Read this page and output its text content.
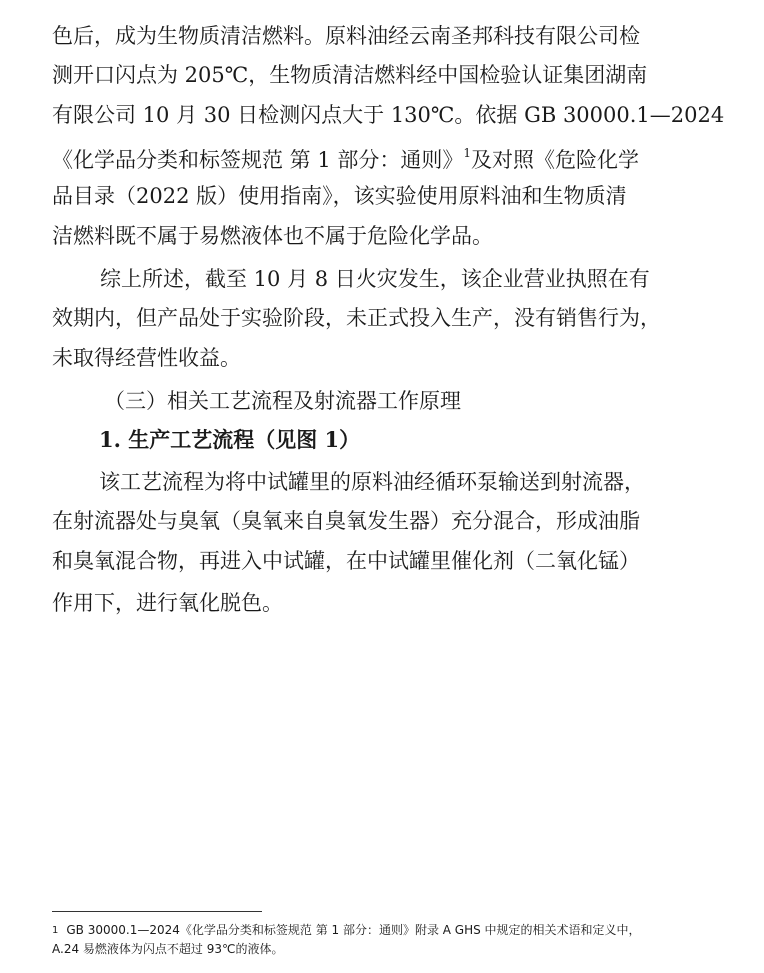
色后，成为生物质清洁燃料。原料油经云南圣邦科技有限公司检
测开口闪点为 205℃，生物质清洁燃料经中国检验认证集团湖南
有限公司 10 月 30 日检测闪点大于 130℃。依据 GB 30000.1—2024
《化学品分类和标签规范 第 1 部分：通则》$^1$及对照《危险化学
品目录（2022 版）使用指南》，该实验使用原料油和生物质清
洁燃料既不属于易燃液体也不属于危险化学品。
综上所述，截至 10 月 8 日火灾发生，该企业营业执照在有
效期内，但产品处于实验阶段，未正式投入生产，没有销售行为，
未取得经营性收益。
（三）相关工艺流程及射流器工作原理
1. 生产工艺流程（见图 1）
该工艺流程为将中试罐里的原料油经循环泵输送到射流器，
在射流器处与臭氧（臭氧来自臭氧发生器）充分混合，形成油脂
和臭氧混合物，再进入中试罐，在中试罐里催化剂（二氧化锰）
作用下，进行氧化脱色。
1 GB 30000.1—2024《化学品分类和标签规范 第 1 部分：通则》附录 A GHS 中规定的相关术语和定义中，
A.24 易燃液体为闪点不超过 93℃的液体。
